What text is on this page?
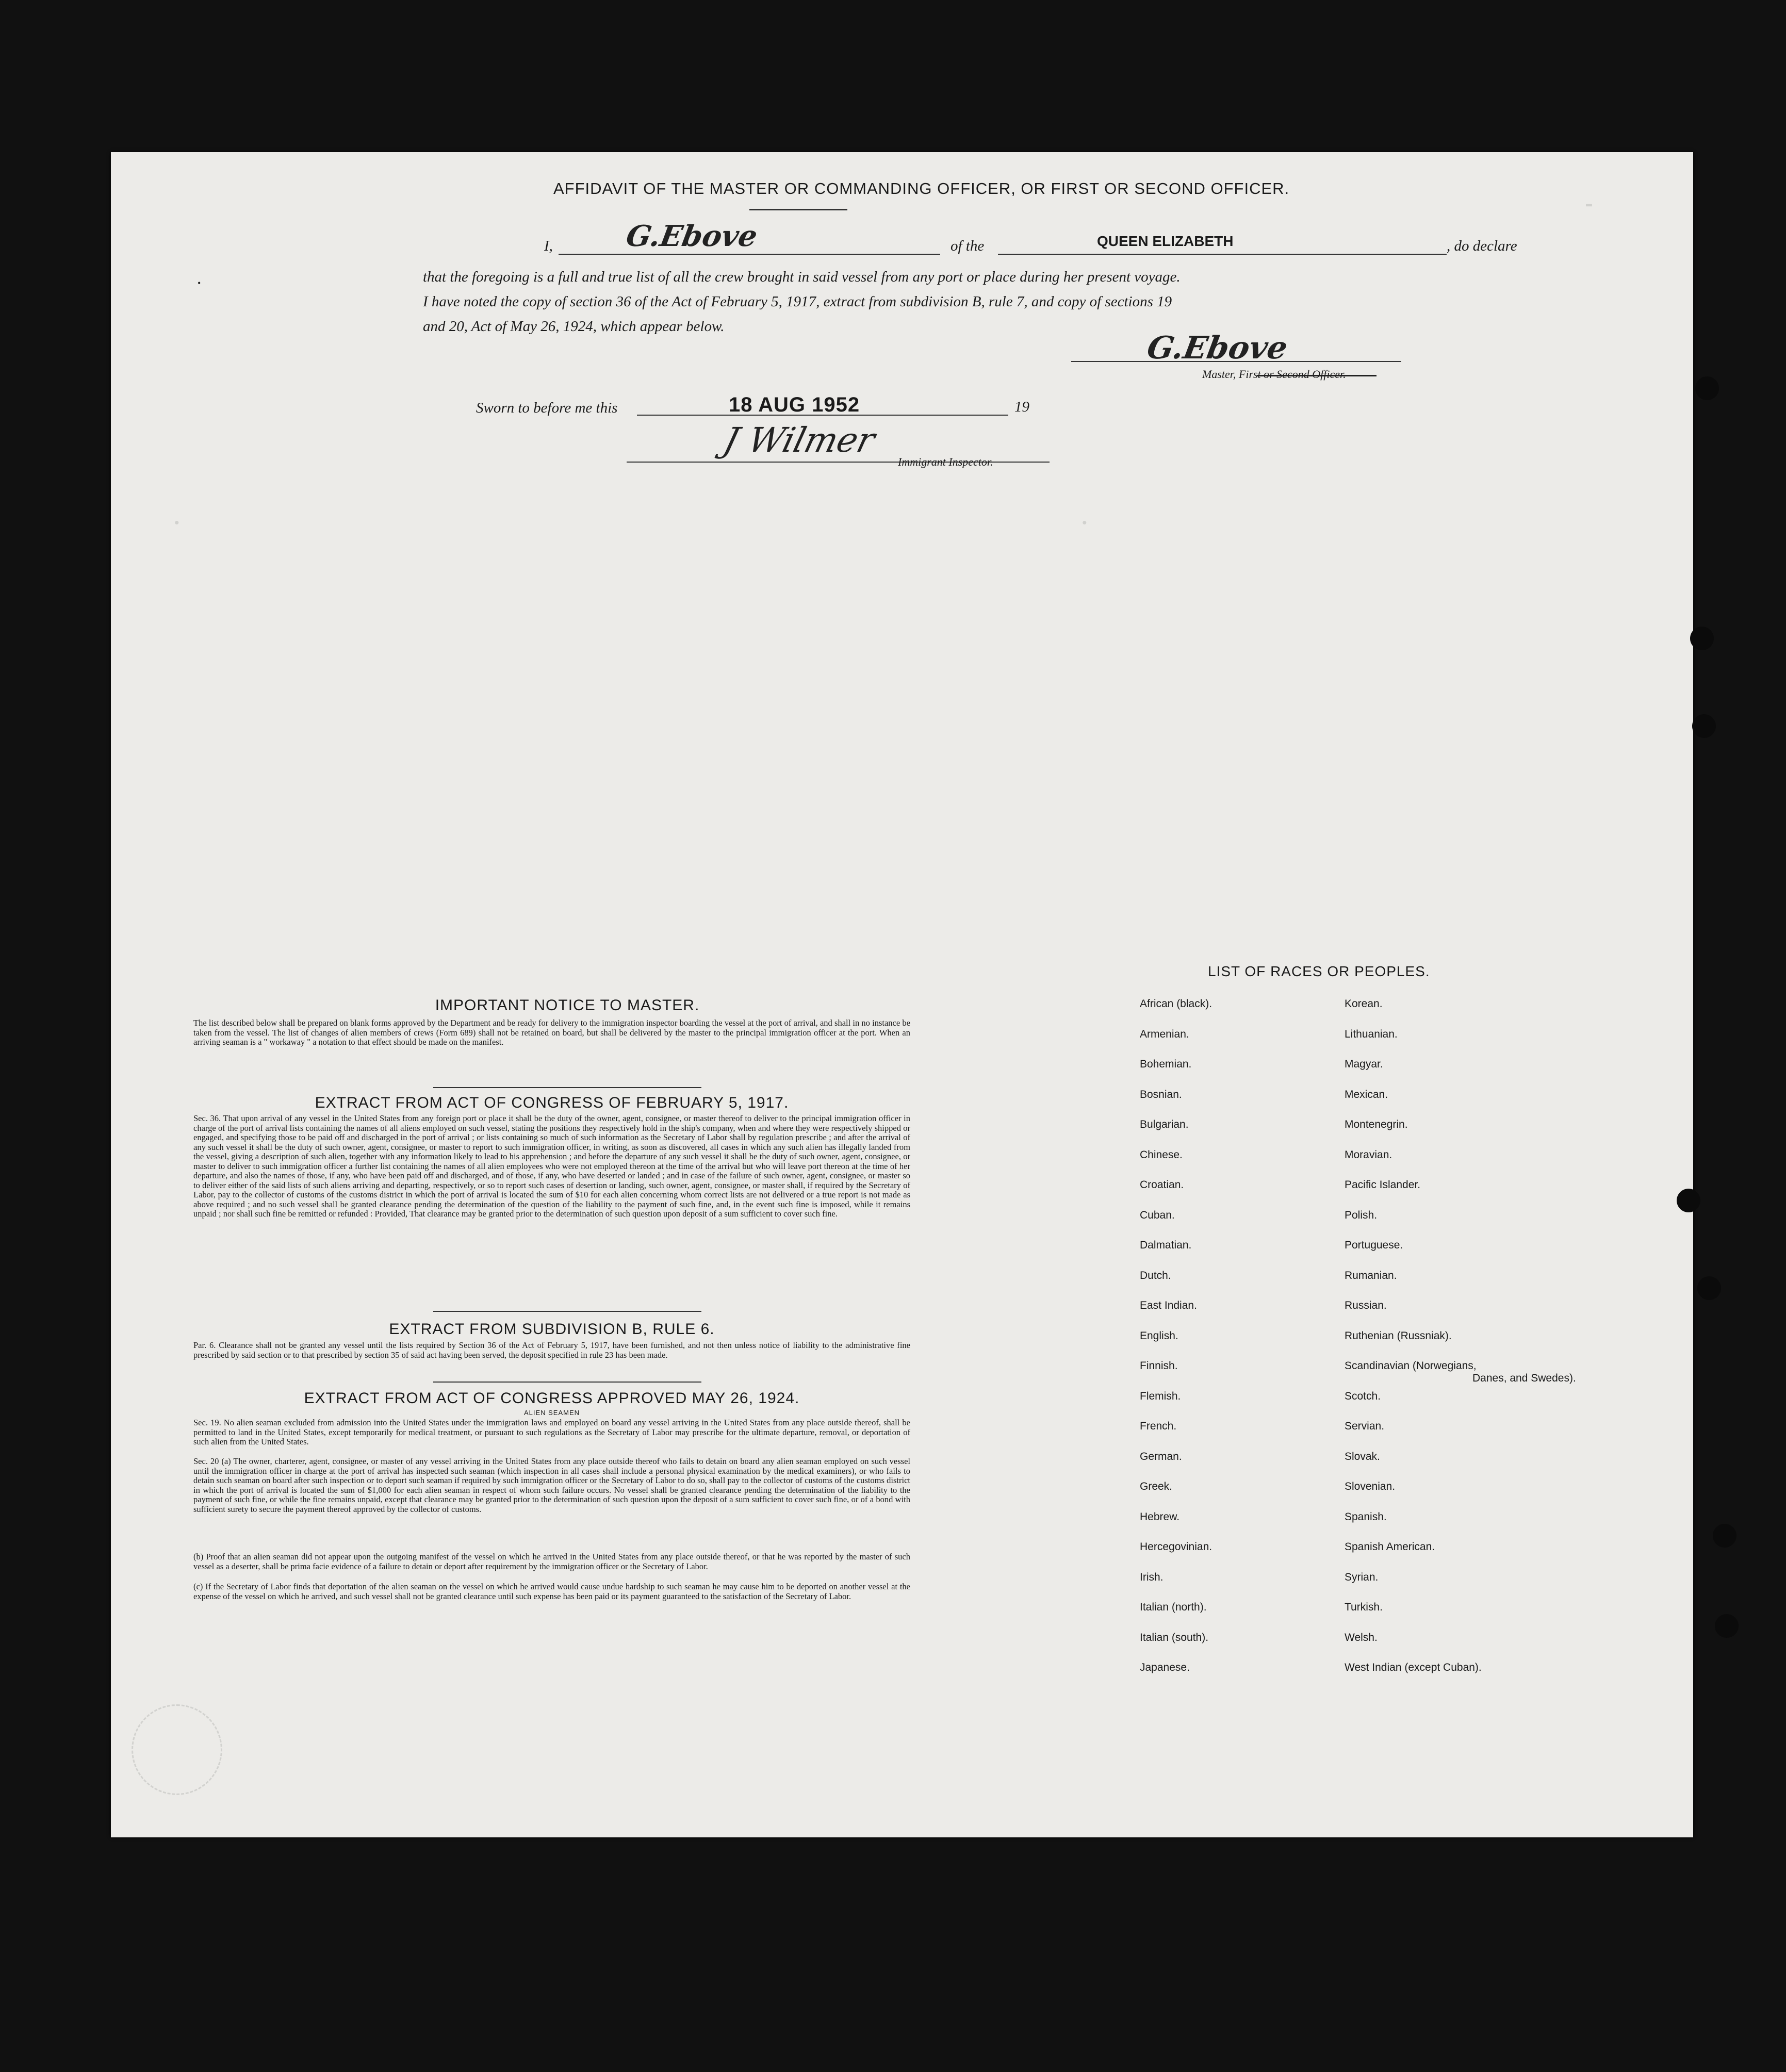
•
•
▬
AFFIDAVIT OF THE MASTER OR COMMANDING OFFICER, OR FIRST OR SECOND OFFICER.
I, G.Ebove	of the	QUEEN ELIZABETH	, do declare
that the foregoing is a full and true list of all the crew brought in said vessel from any port or place during her present voyage.
I have noted the copy of section 36 of the Act of February 5, 1917, extract from subdivision B, rule 7, and copy of sections 19
and 20, Act of May 26, 1924, which appear below.
•
G.Ebove
Master, First or Second Officer.
Sworn to before me this	18 AUG 1952	19
J Wilmer
Immigrant Inspector.
IMPORTANT NOTICE TO MASTER.
The list described below shall be prepared on blank forms approved by the Department and be ready for delivery to the immigration inspector boarding the vessel at the port of arrival, and shall in no instance be taken from the vessel. The list of changes of alien members of crews (Form 689) shall not be retained on board, but shall be delivered by the master to the principal immigration officer at the port. When an arriving seaman is a " workaway " a notation to that effect should be made on the manifest.
EXTRACT FROM ACT OF CONGRESS OF FEBRUARY 5, 1917.
Sec. 36. That upon arrival of any vessel in the United States from any foreign port or place it shall be the duty of the owner, agent, consignee, or master thereof to deliver to the principal immigration officer in charge of the port of arrival lists containing the names of all aliens employed on such vessel, stating the positions they respectively hold in the ship's company, when and where they were respectively shipped or engaged, and specifying those to be paid off and discharged in the port of arrival ; or lists containing so much of such information as the Secretary of Labor shall by regulation prescribe ; and after the arrival of any such vessel it shall be the duty of such owner, agent, consignee, or master to report to such immigration officer, in writing, as soon as discovered, all cases in which any such alien has illegally landed from the vessel, giving a description of such alien, together with any information likely to lead to his apprehension ; and before the departure of any such vessel it shall be the duty of such owner, agent, consignee, or master to deliver to such immigration officer a further list containing the names of all alien employees who were not employed thereon at the time of the arrival but who will leave port thereon at the time of her departure, and also the names of those, if any, who have been paid off and discharged, and of those, if any, who have deserted or landed ; and in case of the failure of such owner, agent, consignee, or master so to deliver either of the said lists of such aliens arriving and departing, respectively, or so to report such cases of desertion or landing, such owner, agent, consignee, or master shall, if required by the Secretary of Labor, pay to the collector of customs of the customs district in which the port of arrival is located the sum of $10 for each alien concerning whom correct lists are not delivered or a true report is not made as above required ; and no such vessel shall be granted clearance pending the determination of the question of the liability to the payment of such fine, and, in the event such fine is imposed, while it remains unpaid ; nor shall such fine be remitted or refunded : Provided, That clearance may be granted prior to the determination of such question upon deposit of a sum sufficient to cover such fine.
EXTRACT FROM SUBDIVISION B, RULE 6.
Par. 6. Clearance shall not be granted any vessel until the lists required by Section 36 of the Act of February 5, 1917, have been furnished, and not then unless notice of liability to the administrative fine prescribed by said section or to that prescribed by section 35 of said act having been served, the deposit specified in rule 23 has been made.
EXTRACT FROM ACT OF CONGRESS APPROVED MAY 26, 1924.
ALIEN SEAMEN
Sec. 19. No alien seaman excluded from admission into the United States under the immigration laws and employed on board any vessel arriving in the United States from any place outside thereof, shall be permitted to land in the United States, except temporarily for medical treatment, or pursuant to such regulations as the Secretary of Labor may prescribe for the ultimate departure, removal, or deportation of such alien from the United States.
Sec. 20 (a) The owner, charterer, agent, consignee, or master of any vessel arriving in the United States from any place outside thereof who fails to detain on board any alien seaman employed on such vessel until the immigration officer in charge at the port of arrival has inspected such seaman (which inspection in all cases shall include a personal physical examination by the medical examiners), or who fails to detain such seaman on board after such inspection or to deport such seaman if required by such immigration officer or the Secretary of Labor to do so, shall pay to the collector of customs of the customs district in which the port of arrival is located the sum of $1,000 for each alien seaman in respect of whom such failure occurs. No vessel shall be granted clearance pending the determination of the liability to the payment of such fine, or while the fine remains unpaid, except that clearance may be granted prior to the determination of such question upon the deposit of a sum sufficient to cover such fine, or of a bond with sufficient surety to secure the payment thereof approved by the collector of customs.
(b) Proof that an alien seaman did not appear upon the outgoing manifest of the vessel on which he arrived in the United States from any place outside thereof, or that he was reported by the master of such vessel as a deserter, shall be prima facie evidence of a failure to detain or deport after requirement by the immigration officer or the Secretary of Labor.
(c) If the Secretary of Labor finds that deportation of the alien seaman on the vessel on which he arrived would cause undue hardship to such seaman he may cause him to be deported on another vessel at the expense of the vessel on which he arrived, and such vessel shall not be granted clearance until such expense has been paid or its payment guaranteed to the satisfaction of the Secretary of Labor.
LIST OF RACES OR PEOPLES.
African (black).
Armenian.
Bohemian.
Bosnian.
Bulgarian.
Chinese.
Croatian.
Cuban.
Dalmatian.
Dutch.
East Indian.
English.
Finnish.
Flemish.
French.
German.
Greek.
Hebrew.
Hercegovinian.
Irish.
Italian (north).
Italian (south).
Japanese.
Korean.
Lithuanian.
Magyar.
Mexican.
Montenegrin.
Moravian.
Pacific Islander.
Polish.
Portuguese.
Rumanian.
Russian.
Ruthenian (Russniak).
Scandinavian (Norwegians,
Danes, and Swedes).
Scotch.
Servian.
Slovak.
Slovenian.
Spanish.
Spanish American.
Syrian.
Turkish.
Welsh.
West Indian (except Cuban).
